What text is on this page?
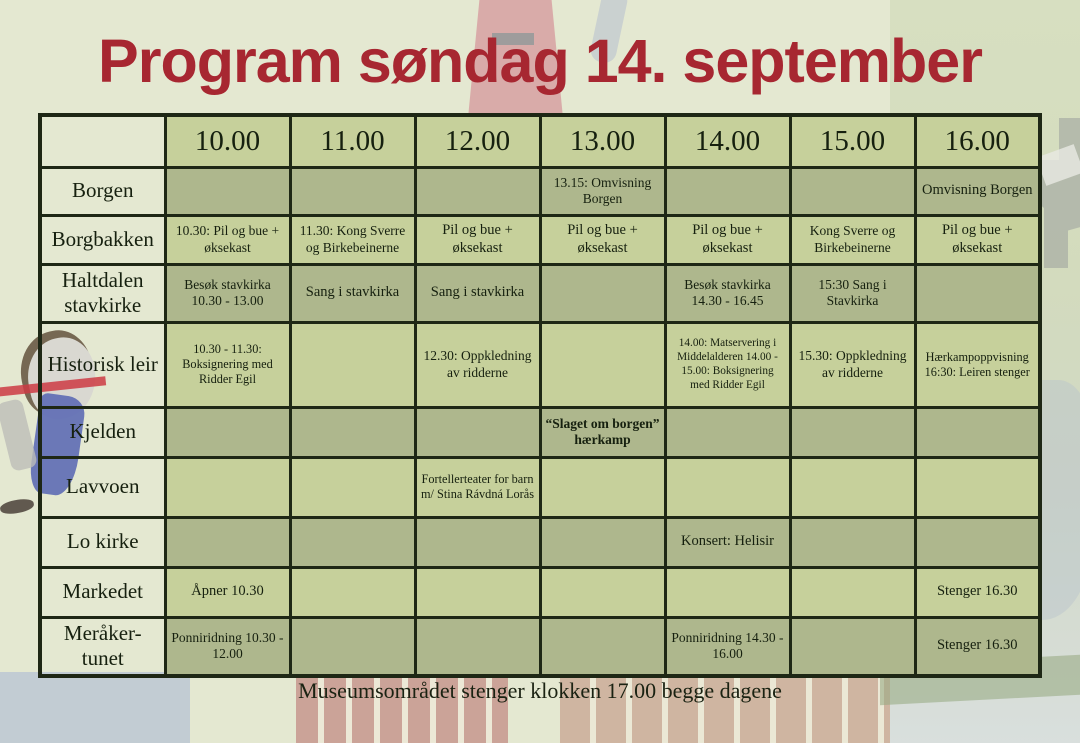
Program søndag 14. september
	10.00	11.00	12.00	13.00	14.00	15.00	16.00
Borgen				13.15: Omvisning Borgen			Omvisning Borgen
Borgbakken	10.30: Pil og bue + øksekast	11.30: Kong Sverre og Birkebeinerne	Pil og bue + øksekast	Pil og bue + øksekast	Pil og bue + øksekast	Kong Sverre og Birkebeinerne	Pil og bue + øksekast
Haltdalen stavkirke	Besøk stavkirka 10.30 - 13.00	Sang i stavkirka	Sang i stavkirka		Besøk stavkirka 14.30 - 16.45	15:30 Sang i Stavkirka	
Historisk leir	10.30 - 11.30: Boksignering med Ridder Egil		12.30: Oppkledning av ridderne		14.00: Matservering i Middelalderen 14.00 - 15.00: Boksignering med Ridder Egil	15.30: Oppkledning av ridderne	Hærkampoppvisning 16:30: Leiren stenger
Kjelden				“Slaget om borgen” hærkamp			
Lavvoen			Fortellerteater for barn m/ Stina Rávdná Lorås				
Lo kirke					Konsert: Helisir		
Markedet	Åpner 10.30						Stenger 16.30
Meråker-tunet	Ponniridning 10.30 - 12.00				Ponniridning 14.30 - 16.00		Stenger 16.30
Museumsområdet stenger klokken 17.00 begge dagene
